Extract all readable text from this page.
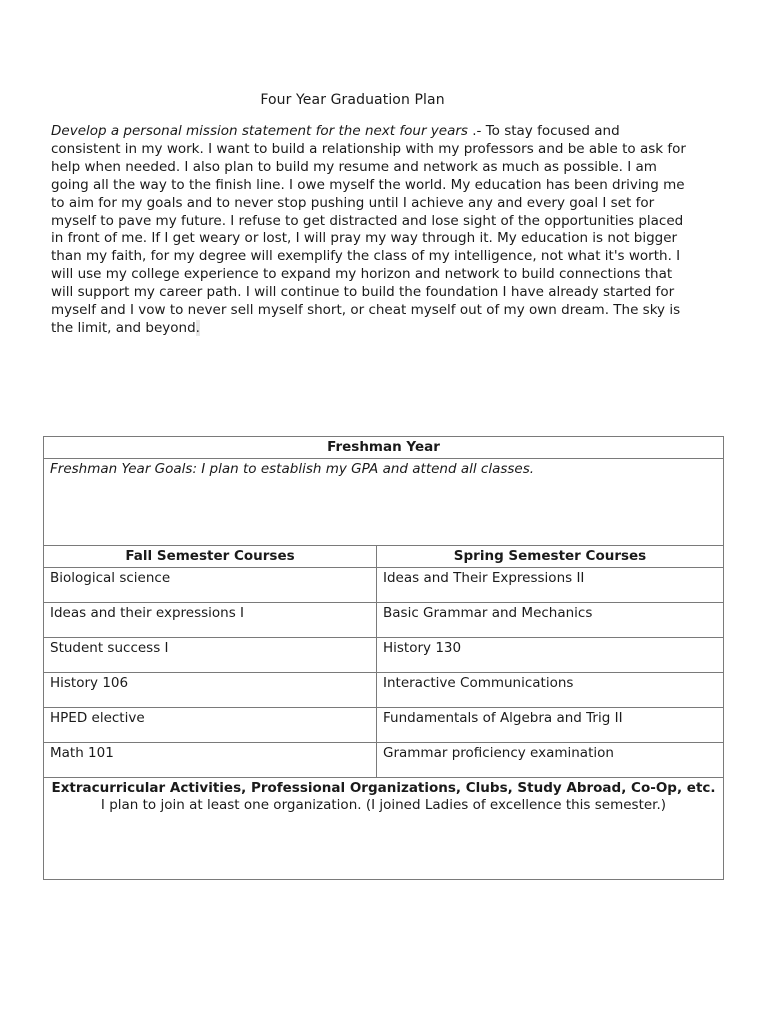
Four Year Graduation Plan
Develop a personal mission statement for the next four years .- To stay focused and consistent in my work. I want to build a relationship with my professors and be able to ask for help when needed. I also plan to build my resume and network as much as possible. I am going all the way to the finish line. I owe myself the world. My education has been driving me to aim for my goals and to never stop pushing until I achieve any and every goal I set for myself to pave my future. I refuse to get distracted and lose sight of the opportunities placed in front of me. If I get weary or lost, I will pray my way through it. My education is not bigger than my faith, for my degree will exemplify the class of my intelligence, not what it's worth. I will use my college experience to expand my horizon and network to build connections that will support my career path. I will continue to build the foundation I have already started for myself and I vow to never sell myself short, or cheat myself out of my own dream. The sky is the limit, and beyond.
Freshman Year	
Freshman Year Goals: I plan to establish my GPA and attend all classes.	
Fall Semester Courses	Spring Semester Courses
Biological science	Ideas and Their Expressions II
Ideas and their expressions I	Basic Grammar and Mechanics
Student success I	History 130
History 106	Interactive Communications
HPED elective	Fundamentals of Algebra and Trig II
Math 101	Grammar proficiency examination

Extracurricular Activities, Professional Organizations, Clubs, Study Abroad, Co-Op, etc.
I plan to join at least one organization. (I joined Ladies of excellence this semester.)	
